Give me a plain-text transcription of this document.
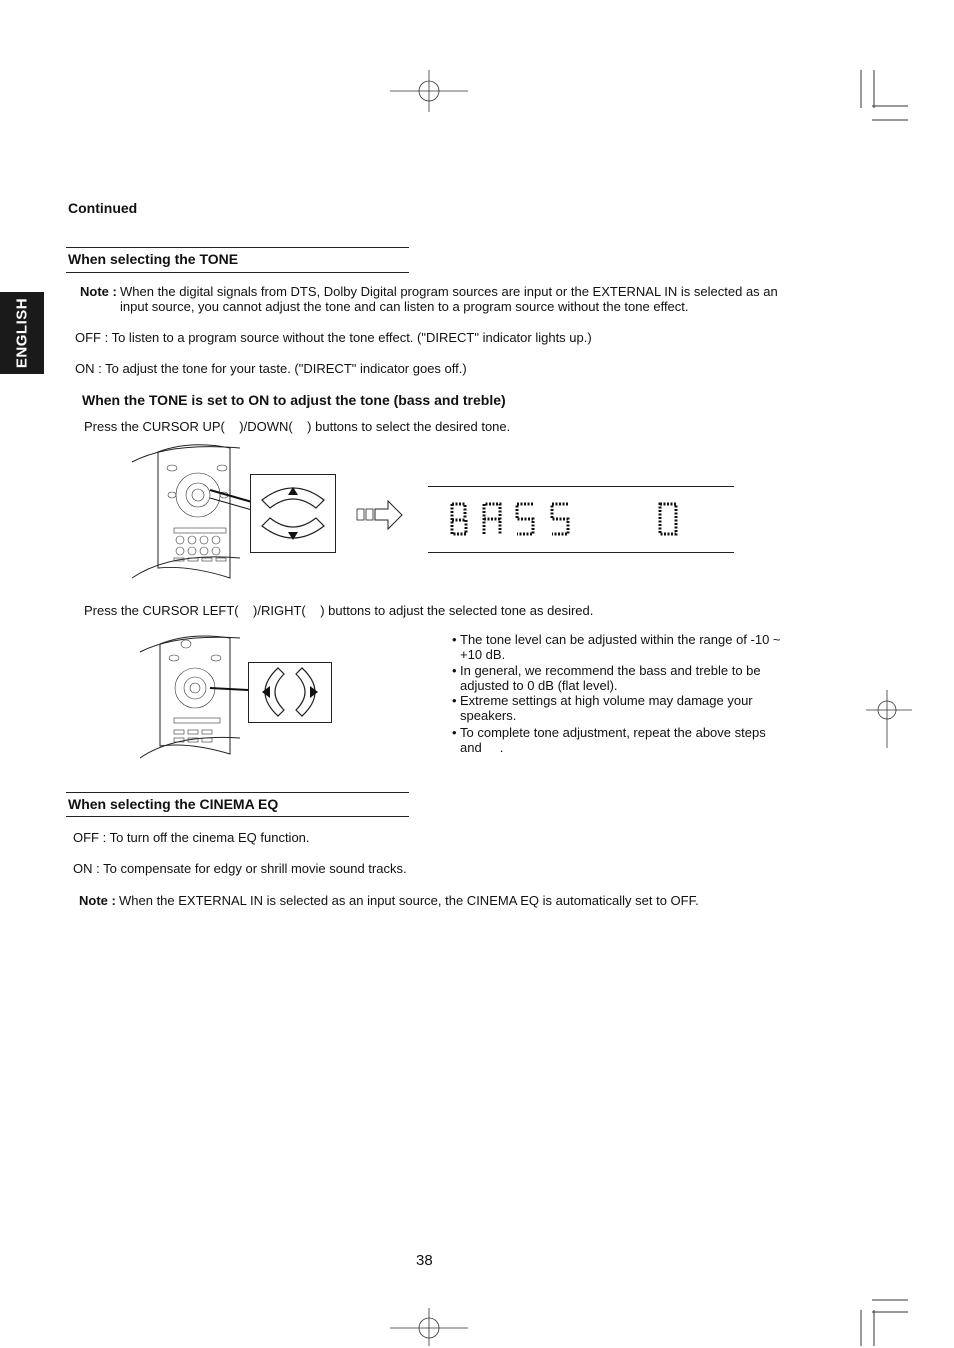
ENGLISH
Continued
When selecting the TONE
Note : When the digital signals from DTS, Dolby Digital program sources are input or the EXTERNAL IN is selected as an
input source, you cannot adjust the tone and can listen to a program source without the tone effect.
OFF : To listen to a program source without the tone effect. ("DIRECT" indicator lights up.)
ON : To adjust the tone for your taste. ("DIRECT" indicator goes off.)
When the TONE is set to ON to adjust the tone (bass and treble)
Press the CURSOR UP(    )/DOWN(    ) buttons to select the desired tone.
Press the CURSOR LEFT(    )/RIGHT(    ) buttons to adjust the selected tone as desired.
• The tone level can be adjusted within the range of -10 ~
+10 dB.
• In general, we recommend the bass and treble to be
adjusted to 0 dB (flat level).
• Extreme settings at high volume may damage your
speakers.
• To complete tone adjustment, repeat the above steps
and     .
When selecting the CINEMA EQ
OFF : To turn off the cinema EQ function.
ON : To compensate for edgy or shrill movie sound tracks.
Note : When the EXTERNAL IN is selected as an input source, the CINEMA EQ is automatically set to OFF.
38
